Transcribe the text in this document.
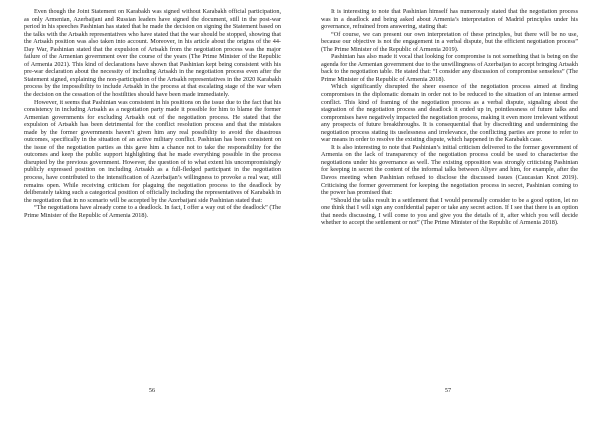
Even though the Joint Statement on Karabakh was signed without Karabakh official participation, as only Armenian, Azerbaijani and Russian leaders have signed the document, still in the post-war period in his speeches Pashinian has stated that he made the decision on signing the Statement based on the talks with the Artsakh representatives who have stated that the war should be stopped, showing that the Artsakh position was also taken into account. Moreover, in his article about the origins of the 44-Day War, Pashinian stated that the expulsion of Artsakh from the negotiation process was the major failure of the Armenian government over the course of the years (The Prime Minister of the Republic of Armenia 2021). This kind of declarations have shown that Pashinian kept being consistent with his pre-war declaration about the necessity of including Artsakh in the negotiation process even after the Statement signed, explaining the non-participation of the Artsakh representatives in the 2020 Karabakh process by the impossibility to include Artsakh in the process at that escalating stage of the war when the decision on the cessation of the hostilities should have been made immediately.

However, it seems that Pashinian was consistent in his positions on the issue due to the fact that his consistency in including Artsakh as a negotiation party made it possible for him to blame the former Armenian governments for excluding Artsakh out of the negotiation process. He stated that the expulsion of Artsakh has been detrimental for the conflict resolution process and that the mistakes made by the former governments haven’t given him any real possibility to avoid the disastrous outcomes, specifically in the situation of an active military conflict. Pashinian has been consistent on the issue of the negotiation parties as this gave him a chance not to take the responsibility for the outcomes and keep the public support highlighting that he made everything possible in the process disrupted by the previous government. However, the question of to what extent his uncompromisingly publicly expressed position on including Artsakh as a full-fledged participant in the negotiation process, have contributed to the intensification of Azerbaijan’s willingness to provoke a real war, still remains open. While receiving criticism for plaguing the negotiation process to the deadlock by deliberately taking such a categorical position of officially including the representatives of Karabakh in the negotiation that in no scenario will be accepted by the Azerbaijani side Pashinian stated that:

“The negotiations have already come to a deadlock. In fact, I offer a way out of the deadlock” (The Prime Minister of the Republic of Armenia 2018).

56

It is interesting to note that Pashinian himself has numerously stated that the negotiation process was in a deadlock and being asked about Armenia’s interpretation of Madrid principles under his governance, refrained from answering, stating that:

“Of course, we can present our own interpretation of these principles, but there will be no use, because our objective is not the engagement in a verbal dispute, but the efficient negotiation process” (The Prime Minister of the Republic of Armenia 2019).

Pashinian has also made it vocal that looking for compromise is not something that is being on the agenda for the Armenian government due to the unwillingness of Azerbaijan to accept bringing Artsakh back to the negotiation table. He stated that: “I consider any discussion of compromise senseless” (The Prime Minister of the Republic of Armenia 2018).

Which significantly disrupted the sheer essence of the negotiation process aimed at finding compromises in the diplomatic domain in order not to be reduced to the situation of an intense armed conflict. This kind of framing of the negotiation process as a verbal dispute, signaling about the stagnation of the negotiation process and deadlock it ended up in, pointlessness of future talks and compromises have negatively impacted the negotiation process, making it even more irrelevant without any prospects of future breakthroughs. It is consequential that by discrediting and undermining the negotiation process stating its uselessness and irrelevance, the conflicting parties are prone to refer to war means in order to resolve the existing dispute, which happened in the Karabakh case.

It is also interesting to note that Pashinian’s initial criticism delivered to the former government of Armenia on the lack of transparency of the negotiation process could be used to characterise the negotiations under his governance as well. The existing opposition was strongly criticising Pashinian for keeping in secret the content of the informal talks between Aliyev and him, for example, after the Davos meeting when Pashinian refused to disclose the discussed issues (Caucasian Knot 2019). Criticising the former government for keeping the negotiation process in secret, Pashinian coming to the power has promised that:

“Should the talks result in a settlement that I would personally consider to be a good option, let no one think that I will sign any confidential paper or take any secret action. If I see that there is an option that needs discussing, I will come to you and give you the details of it, after which you will decide whether to accept the settlement or not” (The Prime Minister of the Republic of Armenia 2018).

57
